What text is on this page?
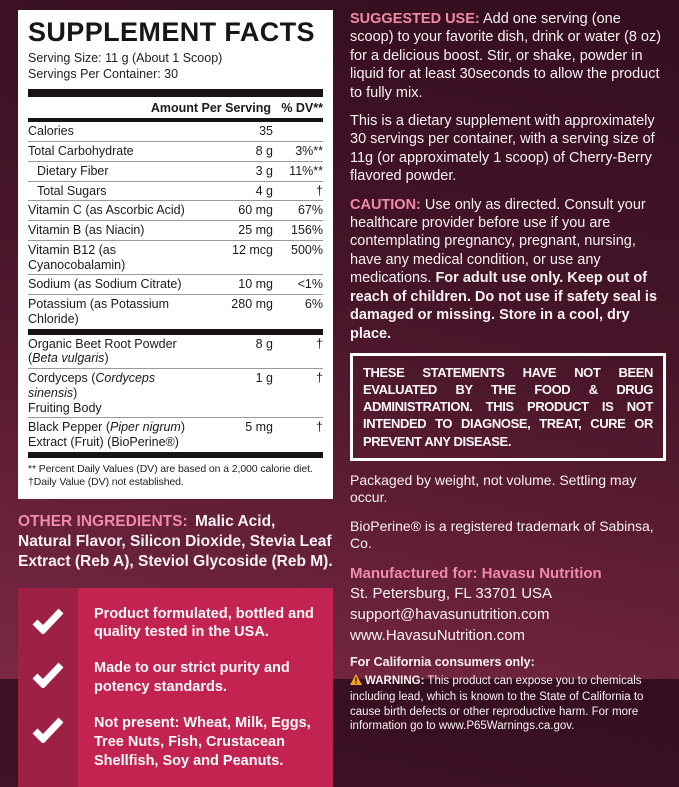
SUPPLEMENT FACTS
Serving Size: 11 g (About 1 Scoop)
Servings Per Container: 30
Amount Per Serving % DV**
Calories	35
Total Carbohydrate	8 g	3%**
Dietary Fiber	3 g	11%**
Total Sugars	4 g	†
Vitamin C (as Ascorbic Acid)	60 mg	67%
Vitamin B (as Niacin)	25 mg	156%
Vitamin B12 (as Cyanocobalamin)
12 mcg	500%
Sodium (as Sodium Citrate)	10 mg	<1%
Potassium (as Potassium Chloride)
280 mg	6%
Organic Beet Root Powder (Beta vulgaris)
8 g	†
Cordyceps (Cordyceps sinensis)
Fruiting Body
1 g	†
Black Pepper (Piper nigrum)
Extract (Fruit) (BioPerine®)
5 mg	†
** Percent Daily Values (DV) are based on a 2,000 calorie diet.
†Daily Value (DV) not established.
OTHER INGREDIENTS: Malic Acid, Natural Flavor, Silicon Dioxide, Stevia Leaf Extract (Reb A), Steviol Glycoside (Reb M).
Product formulated, bottled and quality tested in the USA.
Made to our strict purity and potency standards.
Not present: Wheat, Milk, Eggs, Tree Nuts, Fish, Crustacean Shellfish, Soy and Peanuts.
SUGGESTED USE: Add one serving (one scoop) to your favorite dish, drink or water (8 oz) for a delicious boost. Stir, or shake, powder in liquid for at least 30seconds to allow the product to fully mix.
This is a dietary supplement with approximately 30 servings per container, with a serving size of 11g (or approximately 1 scoop) of Cherry-Berry flavored powder.
CAUTION: Use only as directed. Consult your healthcare provider before use if you are contemplating pregnancy, pregnant, nursing, have any medical condition, or use any medications. For adult use only. Keep out of reach of children. Do not use if safety seal is damaged or missing. Store in a cool, dry place.
THESE STATEMENTS HAVE NOT BEEN EVALUATED BY THE FOOD & DRUG ADMINISTRATION. THIS PRODUCT IS NOT INTENDED TO DIAGNOSE, TREAT, CURE OR PREVENT ANY DISEASE.
Packaged by weight, not volume. Settling may occur.
BioPerine® is a registered trademark of Sabinsa, Co.
Manufactured for: Havasu Nutrition
St. Petersburg, FL 33701 USA
support@havasunutrition.com
www.HavasuNutrition.com
For California consumers only:
WARNING: This product can expose you to chemicals including lead, which is known to the State of California to cause birth defects or other reproductive harm. For more information go to www.P65Warnings.ca.gov.
